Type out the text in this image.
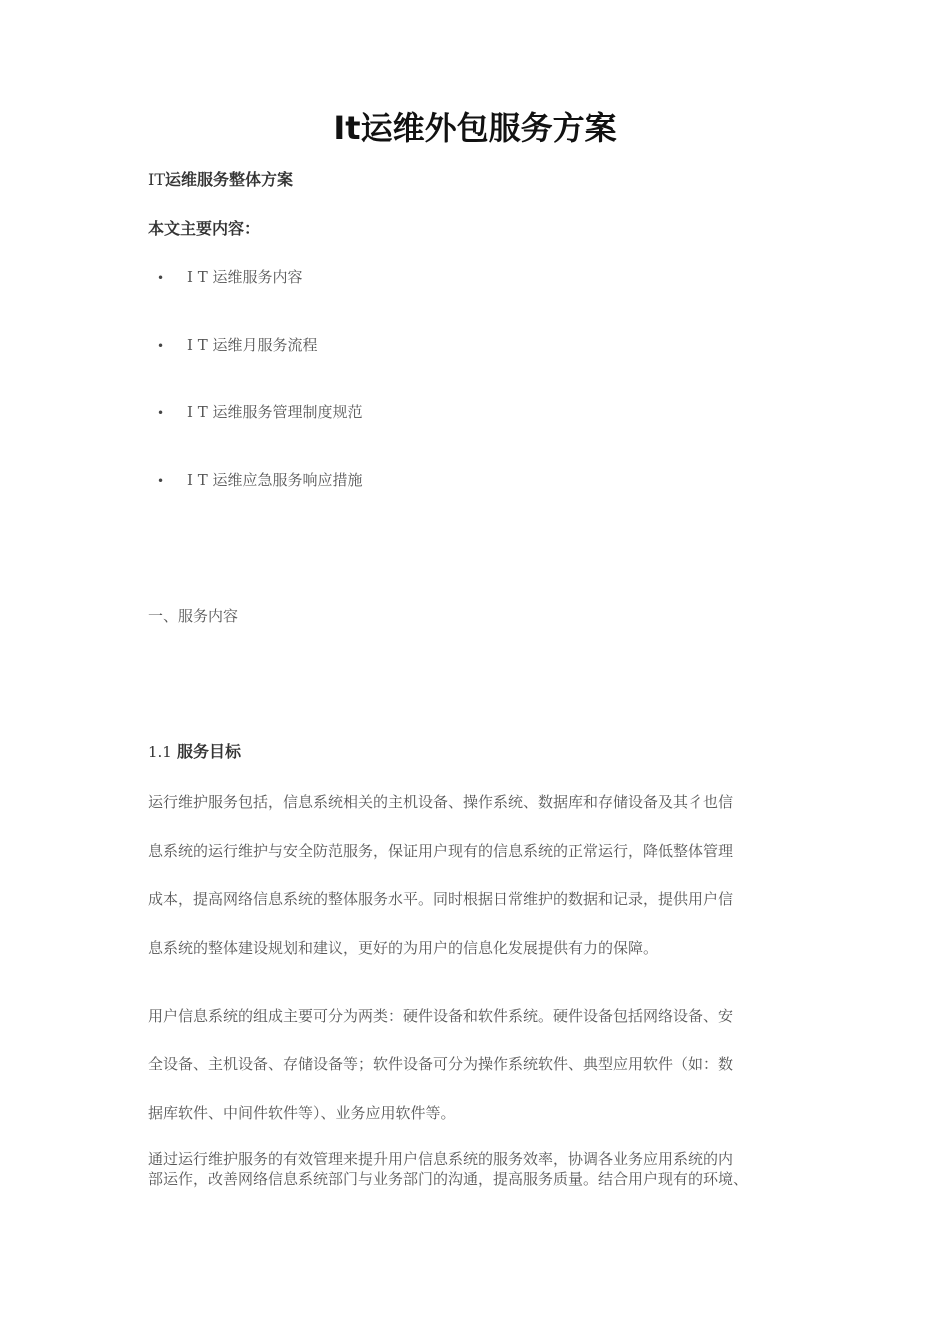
It运维外包服务方案
IT运维服务整体方案
本文主要内容：
• I T 运维服务内容
• I T 运维月服务流程
• I T 运维服务管理制度规范
• I T 运维应急服务响应措施
一、服务内容
1.1 服务目标
运行维护服务包括，信息系统相关的主机设备、操作系统、数据库和存储设备及其彳也信
息系统的运行维护与安全防范服务，保证用户现有的信息系统的正常运行，降低整体管理
成本，提高网络信息系统的整体服务水平。同时根据日常维护的数据和记录，提供用户信
息系统的整体建设规划和建议，更好的为用户的信息化发展提供有力的保障。
用户信息系统的组成主要可分为两类：硬件设备和软件系统。硬件设备包括网络设备、安
全设备、主机设备、存储设备等；软件设备可分为操作系统软件、典型应用软件（如：数
据库软件、中间件软件等）、业务应用软件等。
通过运行维护服务的有效管理来提升用户信息系统的服务效率，协调各业务应用系统的内
部运作，改善网络信息系统部门与业务部门的沟通，提高服务质量。结合用户现有的环境、
